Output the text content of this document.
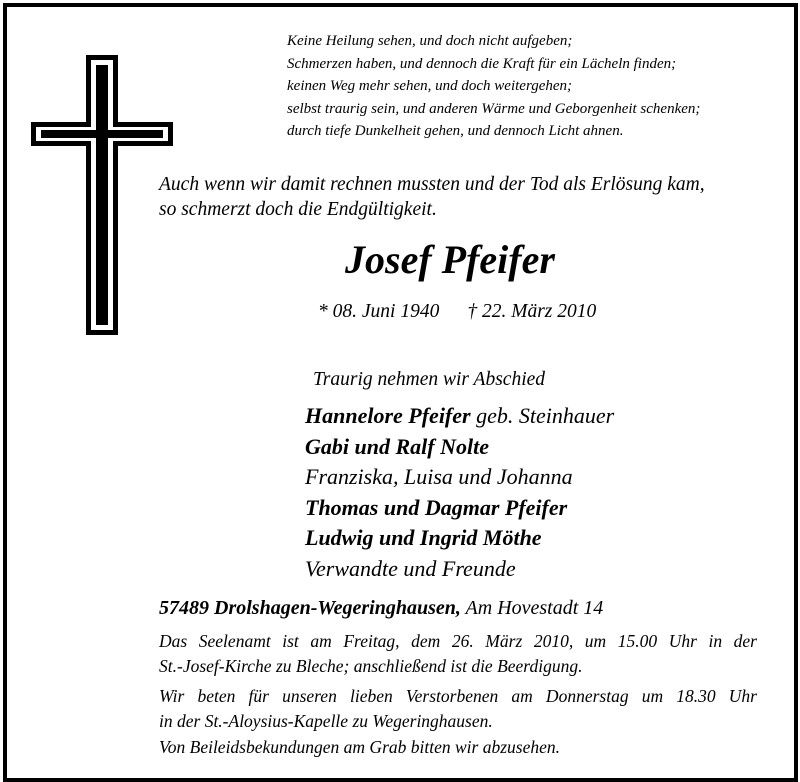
Keine Heilung sehen, und doch nicht aufgeben;
Schmerzen haben, und dennoch die Kraft für ein Lächeln finden;
keinen Weg mehr sehen, und doch weitergehen;
selbst traurig sein, und anderen Wärme und Geborgenheit schenken;
durch tiefe Dunkelheit gehen, und dennoch Licht ahnen.
Auch wenn wir damit rechnen mussten und der Tod als Erlösung kam,
so schmerzt doch die Endgültigkeit.
Josef Pfeifer
* 08. Juni 1940 † 22. März 2010
Traurig nehmen wir Abschied
Hannelore Pfeifer geb. Steinhauer
Gabi und Ralf Nolte
Franziska, Luisa und Johanna
Thomas und Dagmar Pfeifer
Ludwig und Ingrid Möthe
Verwandte und Freunde
57489 Drolshagen-Wegeringhausen, Am Hovestadt 14
Das Seelenamt ist am Freitag, dem 26. März 2010, um 15.00 Uhr in der
St.-Josef-Kirche zu Bleche; anschließend ist die Beerdigung.
Wir beten für unseren lieben Verstorbenen am Donnerstag um 18.30 Uhr
in der St.-Aloysius-Kapelle zu Wegeringhausen.
Von Beileidsbekundungen am Grab bitten wir abzusehen.
